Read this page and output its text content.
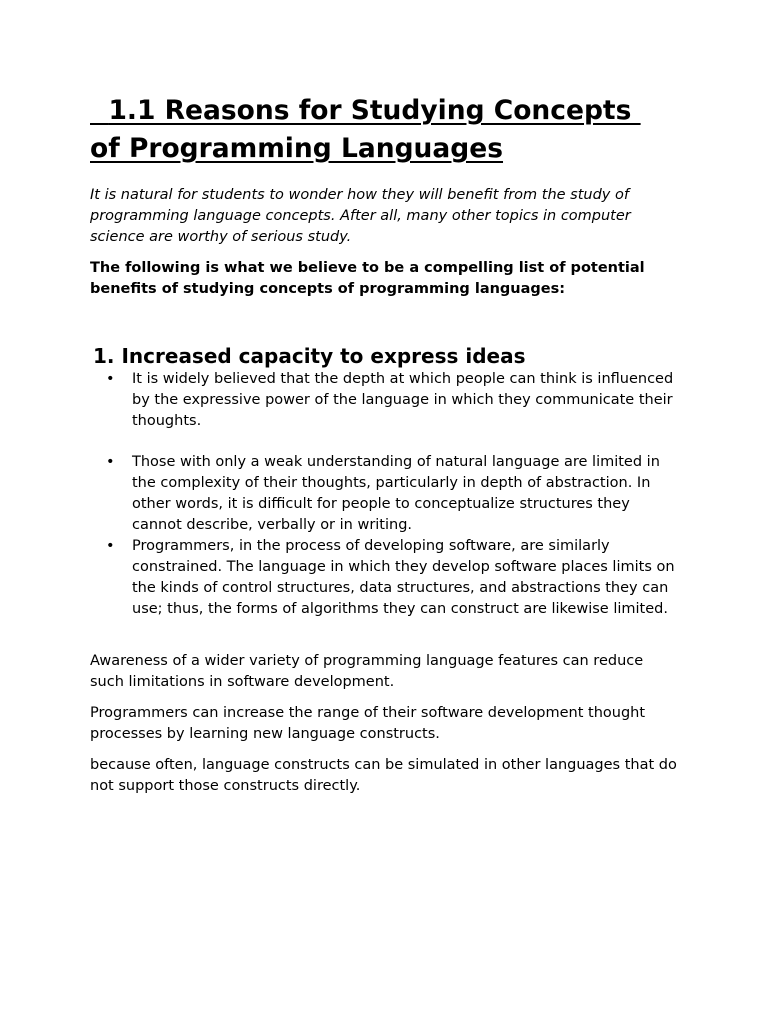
1.1 Reasons for Studying Concepts
of Programming Languages

It is natural for students to wonder how they will benefit from the study of programming language concepts. After all, many other topics in computer science are worthy of serious study.

The following is what we believe to be a compelling list of potential benefits of studying concepts of programming languages:

1. Increased capacity to express ideas
• It is widely believed that the depth at which people can think is influenced by the expressive power of the language in which they communicate their thoughts.
• Those with only a weak understanding of natural language are limited in the complexity of their thoughts, particularly in depth of abstraction. In other words, it is difficult for people to conceptualize structures they cannot describe, verbally or in writing.
• Programmers, in the process of developing software, are similarly constrained. The language in which they develop software places limits on the kinds of control structures, data structures, and abstractions they can use; thus, the forms of algorithms they can construct are likewise limited.

Awareness of a wider variety of programming language features can reduce such limitations in software development.

Programmers can increase the range of their software development thought processes by learning new language constructs.

because often, language constructs can be simulated in other languages that do not support those constructs directly.
